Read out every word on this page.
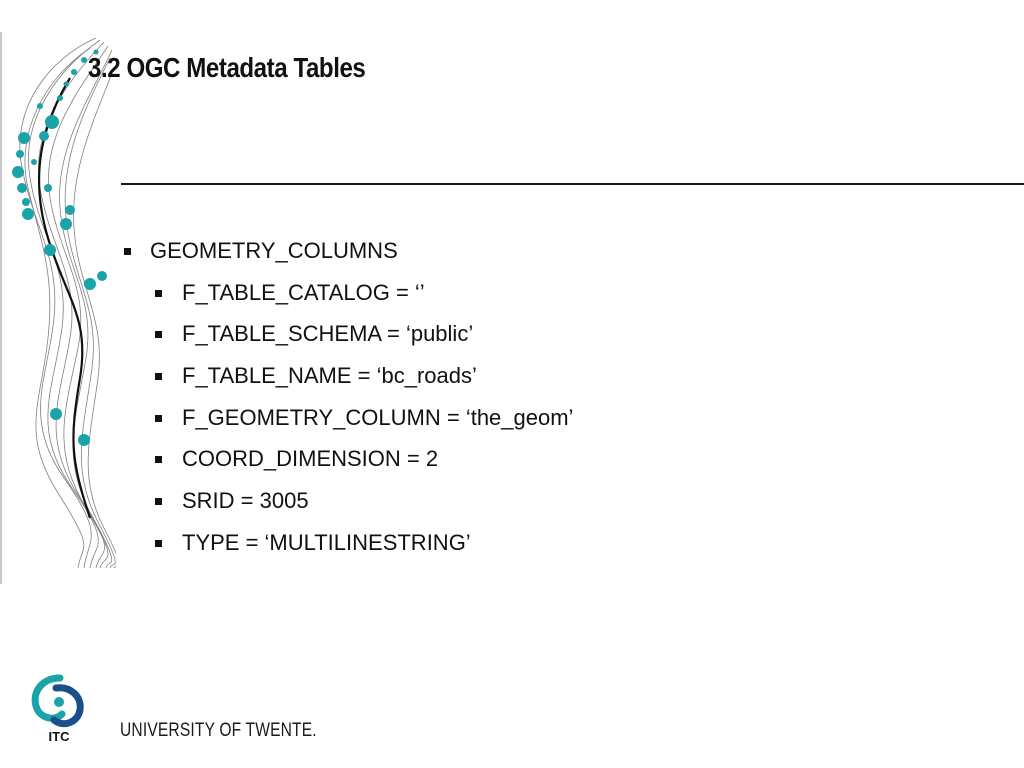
3.2 OGC Metadata Tables
GEOMETRY_COLUMNS
F_TABLE_CATALOG = ‘’
F_TABLE_SCHEMA = ‘public’
F_TABLE_NAME = ‘bc_roads’
F_GEOMETRY_COLUMN = ‘the_geom’
COORD_DIMENSION = 2
SRID = 3005
TYPE = ‘MULTILINESTRING’
ITC	UNIVERSITY OF TWENTE.
